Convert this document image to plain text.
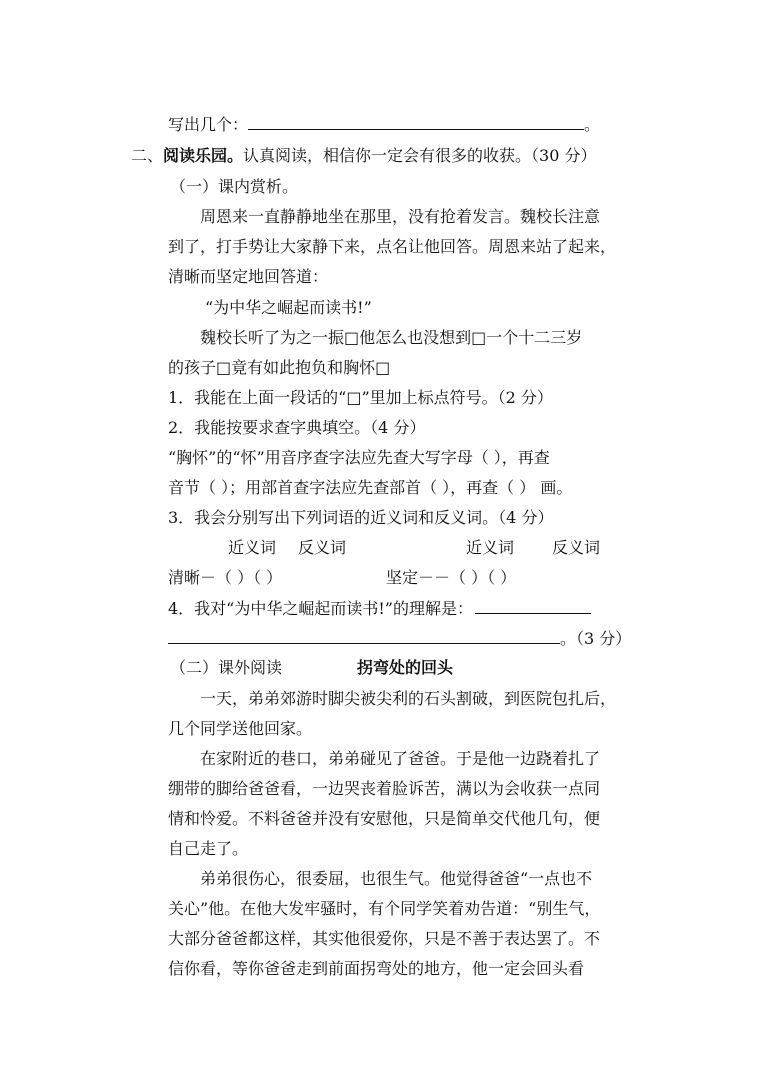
写出几个：	。
二、阅读乐园。认真阅读，相信你一定会有很多的收获。（30 分）
（一）课内赏析。
周恩来一直静静地坐在那里，没有抢着发言。魏校长注意
到了，打手势让大家静下来，点名让他回答。周恩来站了起来，
清晰而坚定地回答道：
“为中华之崛起而读书!”
魏校长听了为之一振□他怎么也没想到□一个十二三岁
的孩子□竟有如此抱负和胸怀□
1．我能在上面一段话的“□”里加上标点符号。（2 分）
2．我能按要求查字典填空。（4 分）
“胸怀”的“怀”用音序查字法应先查大写字母（ ），再查
音节（ ）；用部首查字法应先查部首（ ），再查（ ） 画。
3．我会分别写出下列词语的近义词和反义词。（4 分）
近义词 反义词	近义词 反义词
清晰－（ ）（ ）	坚定－－（ ）（ ）
4．我对“为中华之崛起而读书!”的理解是：
。（3 分）
（二）课外阅读	拐弯处的回头
一天，弟弟郊游时脚尖被尖利的石头割破，到医院包扎后，
几个同学送他回家。
在家附近的巷口，弟弟碰见了爸爸。于是他一边跷着扎了
绷带的脚给爸爸看，一边哭丧着脸诉苦，满以为会收获一点同
情和怜爱。不料爸爸并没有安慰他，只是简单交代他几句，便
自己走了。
弟弟很伤心，很委屈，也很生气。他觉得爸爸“一点也不
关心”他。在他大发牢骚时，有个同学笑着劝告道：“别生气，
大部分爸爸都这样，其实他很爱你，只是不善于表达罢了。不
信你看，等你爸爸走到前面拐弯处的地方，他一定会回头看
